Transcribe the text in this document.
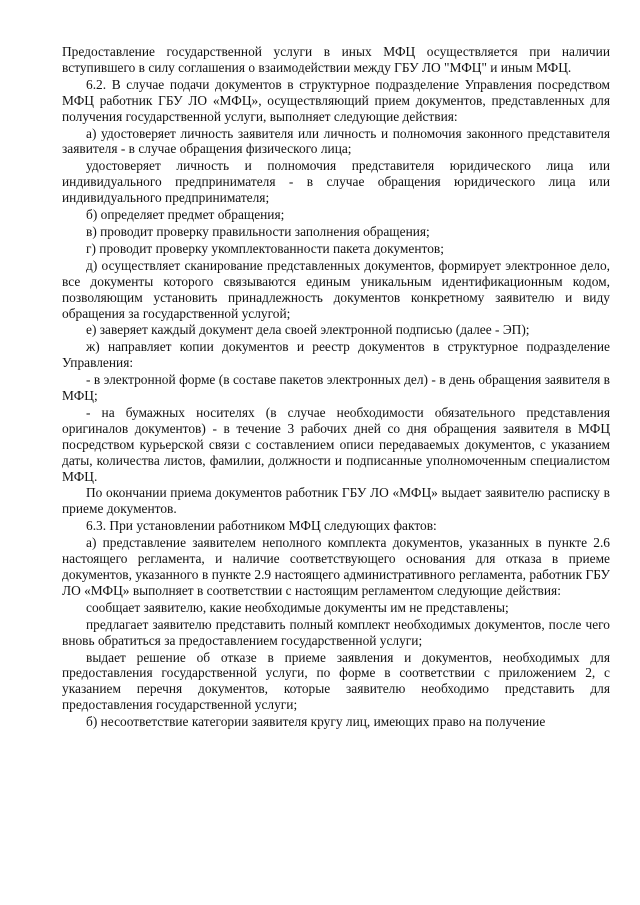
Предоставление государственной услуги в иных МФЦ осуществляется при наличии вступившего в силу соглашения о взаимодействии между ГБУ ЛО "МФЦ" и иным МФЦ.

6.2. В случае подачи документов в структурное подразделение Управления посредством МФЦ работник ГБУ ЛО «МФЦ», осуществляющий прием документов, представленных для получения государственной услуги, выполняет следующие действия:

а) удостоверяет личность заявителя или личность и полномочия законного представителя заявителя - в случае обращения физического лица;

удостоверяет личность и полномочия представителя юридического лица или индивидуального предпринимателя - в случае обращения юридического лица или индивидуального предпринимателя;

б) определяет предмет обращения;

в) проводит проверку правильности заполнения обращения;

г) проводит проверку укомплектованности пакета документов;

д) осуществляет сканирование представленных документов, формирует электронное дело, все документы которого связываются единым уникальным идентификационным кодом, позволяющим установить принадлежность документов конкретному заявителю и виду обращения за государственной услугой;

е) заверяет каждый документ дела своей электронной подписью (далее - ЭП);

ж) направляет копии документов и реестр документов в структурное подразделение Управления:

- в электронной форме (в составе пакетов электронных дел) - в день обращения заявителя в МФЦ;

- на бумажных носителях (в случае необходимости обязательного представления оригиналов документов) - в течение 3 рабочих дней со дня обращения заявителя в МФЦ посредством курьерской связи с составлением описи передаваемых документов, с указанием даты, количества листов, фамилии, должности и подписанные уполномоченным специалистом МФЦ.

По окончании приема документов работник ГБУ ЛО «МФЦ» выдает заявителю расписку в приеме документов.

6.3. При установлении работником МФЦ следующих фактов:

а) представление заявителем неполного комплекта документов, указанных в пункте 2.6 настоящего регламента, и наличие соответствующего основания для отказа в приеме документов, указанного в пункте 2.9 настоящего административного регламента, работник ГБУ ЛО «МФЦ» выполняет в соответствии с настоящим регламентом следующие действия:

сообщает заявителю, какие необходимые документы им не представлены;

предлагает заявителю представить полный комплект необходимых документов, после чего вновь обратиться за предоставлением государственной услуги;

выдает решение об отказе в приеме заявления и документов, необходимых для предоставления государственной услуги, по форме в соответствии с приложением 2, с указанием перечня документов, которые заявителю необходимо представить для предоставления государственной услуги;

б) несоответствие категории заявителя кругу лиц, имеющих право на получение
